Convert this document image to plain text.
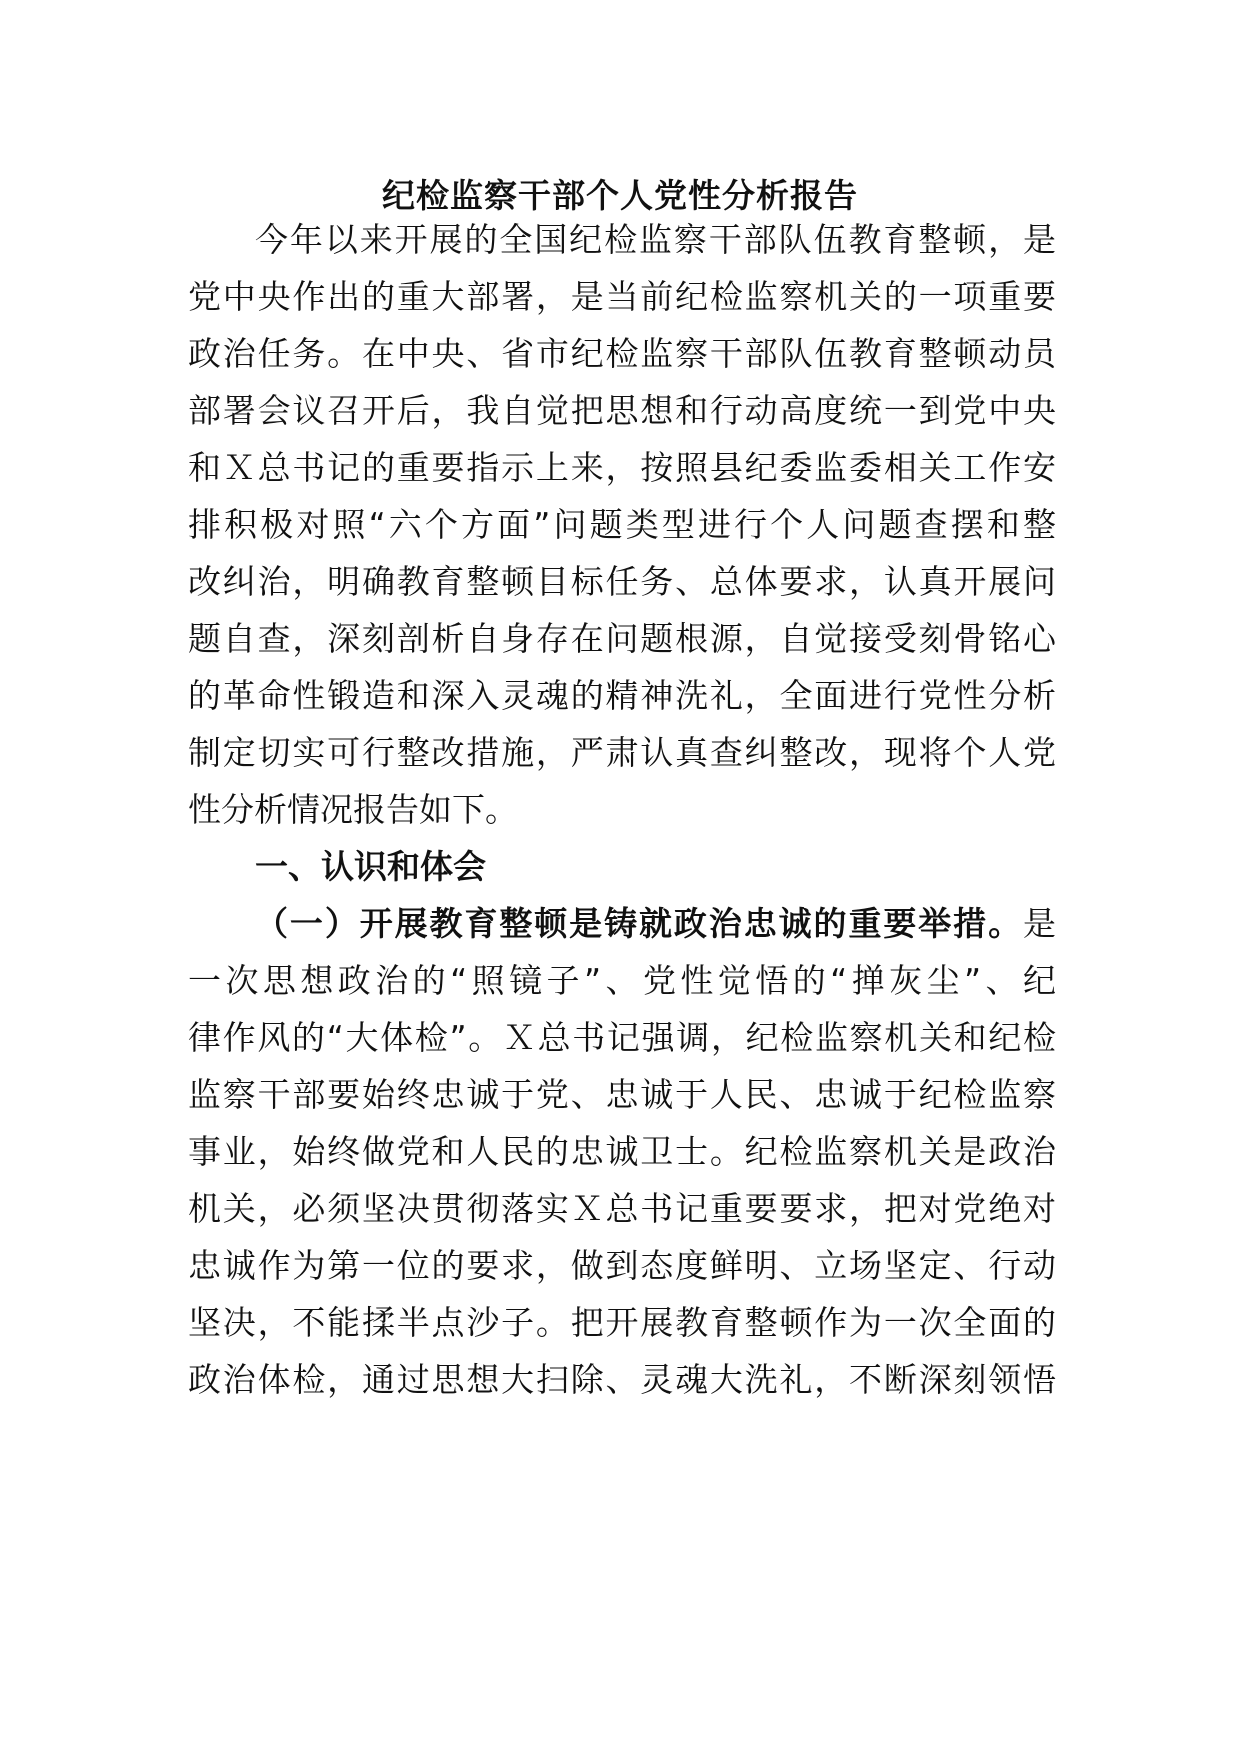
纪检监察干部个人党性分析报告
今年以来开展的全国纪检监察干部队伍教育整顿，是
党中央作出的重大部署，是当前纪检监察机关的一项重要
政治任务。在中央、省市纪检监察干部队伍教育整顿动员
部署会议召开后，我自觉把思想和行动高度统一到党中央
和Ｘ总书记的重要指示上来，按照县纪委监委相关工作安
排积极对照“六个方面”问题类型进行个人问题查摆和整
改纠治，明确教育整顿目标任务、总体要求，认真开展问
题自查，深刻剖析自身存在问题根源，自觉接受刻骨铭心
的革命性锻造和深入灵魂的精神洗礼，全面进行党性分析
制定切实可行整改措施，严肃认真查纠整改，现将个人党
性分析情况报告如下。
一、认识和体会
（一）开展教育整顿是铸就政治忠诚的重要举措。是
一次思想政治的“照镜子”、党性觉悟的“掸灰尘”、纪
律作风的“大体检”。Ｘ总书记强调，纪检监察机关和纪检
监察干部要始终忠诚于党、忠诚于人民、忠诚于纪检监察
事业，始终做党和人民的忠诚卫士。纪检监察机关是政治
机关，必须坚决贯彻落实Ｘ总书记重要要求，把对党绝对
忠诚作为第一位的要求，做到态度鲜明、立场坚定、行动
坚决，不能揉半点沙子。把开展教育整顿作为一次全面的
政治体检，通过思想大扫除、灵魂大洗礼，不断深刻领悟
